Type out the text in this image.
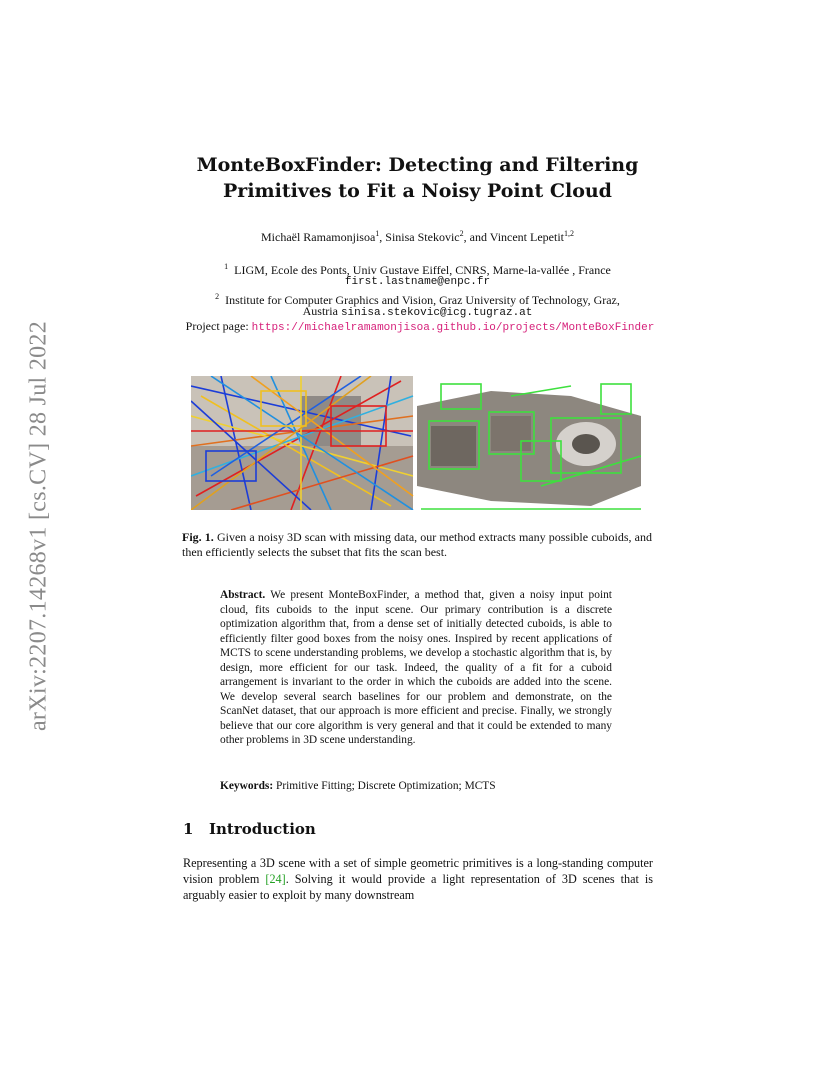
arXiv:2207.14268v1 [cs.CV] 28 Jul 2022
MonteBoxFinder: Detecting and Filtering Primitives to Fit a Noisy Point Cloud
Michaël Ramamonjisoa$^1$, Sinisa Stekovic$^2$, and Vincent Lepetit$^{1,2}$
$^1$ LIGM, Ecole des Ponts, Univ Gustave Eiffel, CNRS, Marne-la-vallée , France
first.lastname@enpc.fr
$^2$ Institute for Computer Graphics and Vision, Graz University of Technology, Graz,
Austria sinisa.stekovic@icg.tugraz.at
Project page: https://michaelramamonjisoa.github.io/projects/MonteBoxFinder
Fig. 1. Given a noisy 3D scan with missing data, our method extracts many possible cuboids, and then efficiently selects the subset that fits the scan best.
Abstract. We present MonteBoxFinder, a method that, given a noisy input point cloud, fits cuboids to the input scene. Our primary contribution is a discrete optimization algorithm that, from a dense set of initially detected cuboids, is able to efficiently filter good boxes from the noisy ones. Inspired by recent applications of MCTS to scene understanding problems, we develop a stochastic algorithm that is, by design, more efficient for our task. Indeed, the quality of a fit for a cuboid arrangement is invariant to the order in which the cuboids are added into the scene. We develop several search baselines for our problem and demonstrate, on the ScanNet dataset, that our approach is more efficient and precise. Finally, we strongly believe that our core algorithm is very general and that it could be extended to many other problems in 3D scene understanding.
Keywords: Primitive Fitting; Discrete Optimization; MCTS
1 Introduction
Representing a 3D scene with a set of simple geometric primitives is a long-standing computer vision problem [24]. Solving it would provide a light representation of 3D scenes that is arguably easier to exploit by many downstream
